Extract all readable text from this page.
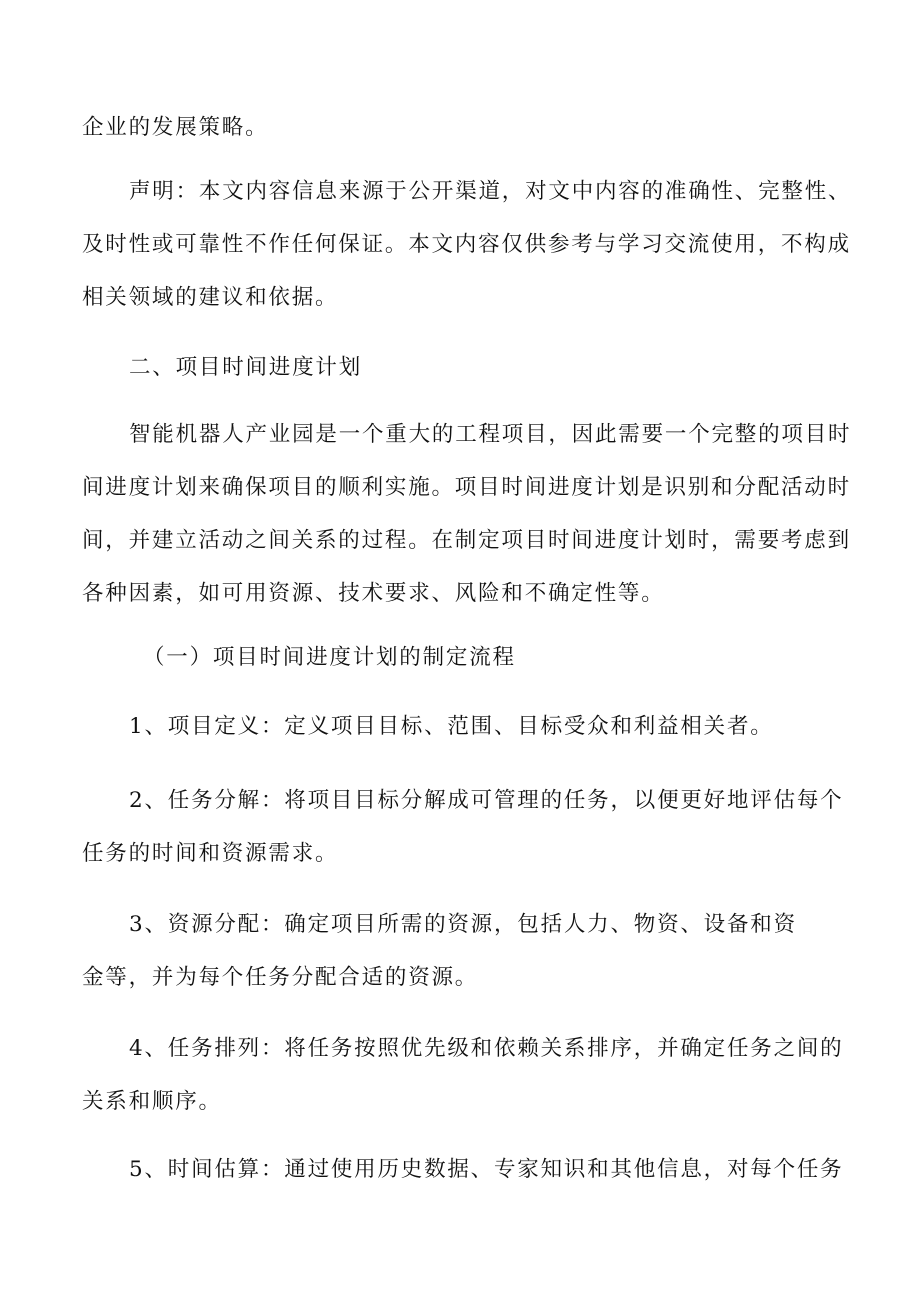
企业的发展策略。

声明：本文内容信息来源于公开渠道，对文中内容的准确性、完整性、

及时性或可靠性不作任何保证。本文内容仅供参考与学习交流使用，不构成

相关领域的建议和依据。

二、项目时间进度计划

智能机器人产业园是一个重大的工程项目，因此需要一个完整的项目时

间进度计划来确保项目的顺利实施。项目时间进度计划是识别和分配活动时

间，并建立活动之间关系的过程。在制定项目时间进度计划时，需要考虑到

各种因素，如可用资源、技术要求、风险和不确定性等。

（一）项目时间进度计划的制定流程

1、项目定义：定义项目目标、范围、目标受众和利益相关者。

2、任务分解：将项目目标分解成可管理的任务，以便更好地评估每个

任务的时间和资源需求。

3、资源分配：确定项目所需的资源，包括人力、物资、设备和资

金等，并为每个任务分配合适的资源。

4、任务排列：将任务按照优先级和依赖关系排序，并确定任务之间的

关系和顺序。

5、时间估算：通过使用历史数据、专家知识和其他信息，对每个任务
